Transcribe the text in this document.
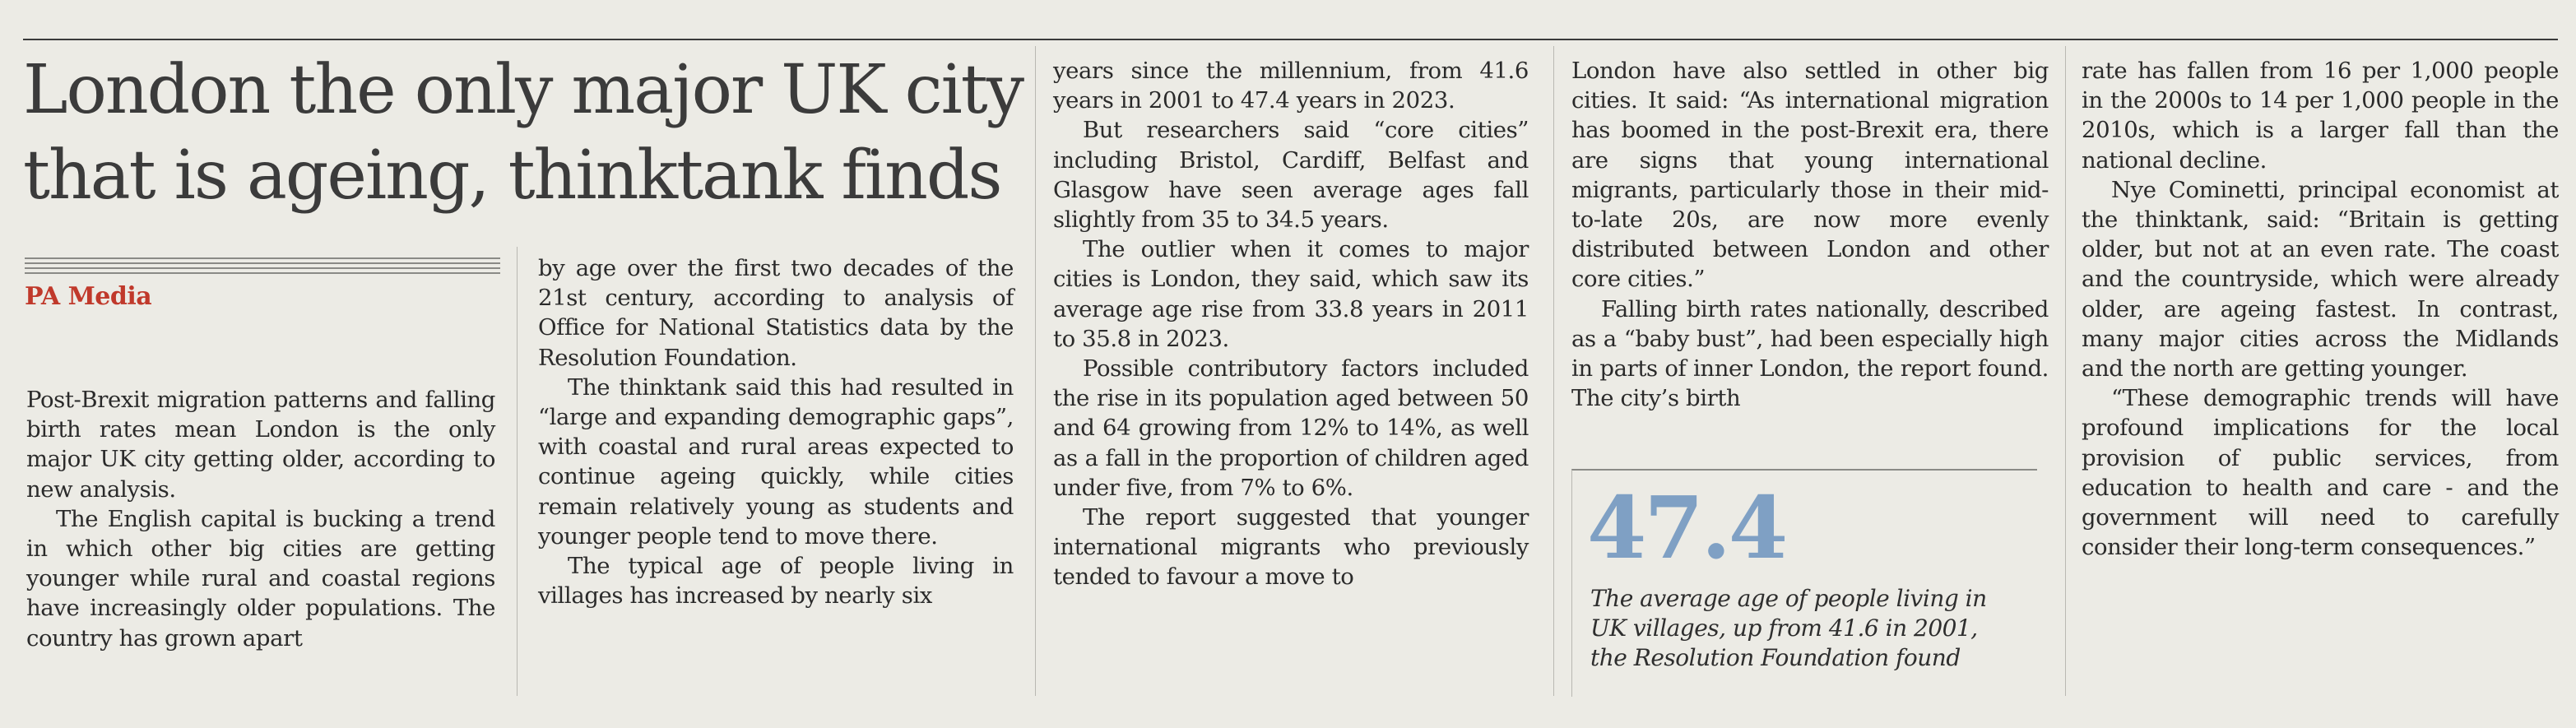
London the only major UK city that is ageing, thinktank finds
PA Media

Post-Brexit migration patterns and falling birth rates mean London is the only major UK city getting older, according to new analysis.

The English capital is bucking a trend in which other big cities are getting younger while rural and coastal regions have increasingly older populations. The country has grown apart

by age over the first two decades of the 21st century, according to analysis of Office for National Statistics data by the Resolution Foundation.

The thinktank said this had resulted in “large and expanding demographic gaps”, with coastal and rural areas expected to continue ageing quickly, while cities remain relatively young as students and younger people tend to move there.

The typical age of people living in villages has increased by nearly six

years since the millennium, from 41.6 years in 2001 to 47.4 years in 2023.

But researchers said “core cities” including Bristol, Cardiff, Belfast and Glasgow have seen average ages fall slightly from 35 to 34.5 years.

The outlier when it comes to major cities is London, they said, which saw its average age rise from 33.8 years in 2011 to 35.8 in 2023.

Possible contributory factors included the rise in its population aged between 50 and 64 growing from 12% to 14%, as well as a fall in the proportion of children aged under five, from 7% to 6%.

The report suggested that younger international migrants who previously tended to favour a move to

London have also settled in other big cities. It said: “As international migration has boomed in the post-Brexit era, there are signs that young international migrants, particularly those in their mid-to-late 20s, are now more evenly distributed between London and other core cities.”

Falling birth rates nationally, described as a “baby bust”, had been especially high in parts of inner London, the report found. The city’s birth

47.4
The average age of people living in UK villages, up from 41.6 in 2001, the Resolution Foundation found

rate has fallen from 16 per 1,000 people in the 2000s to 14 per 1,000 people in the 2010s, which is a larger fall than the national decline.

Nye Cominetti, principal economist at the thinktank, said: “Britain is getting older, but not at an even rate. The coast and the countryside, which were already older, are ageing fastest. In contrast, many major cities across the Midlands and the north are getting younger.

“These demographic trends will have profound implications for the local provision of public services, from education to health and care - and the government will need to carefully consider their long-term consequences.”
